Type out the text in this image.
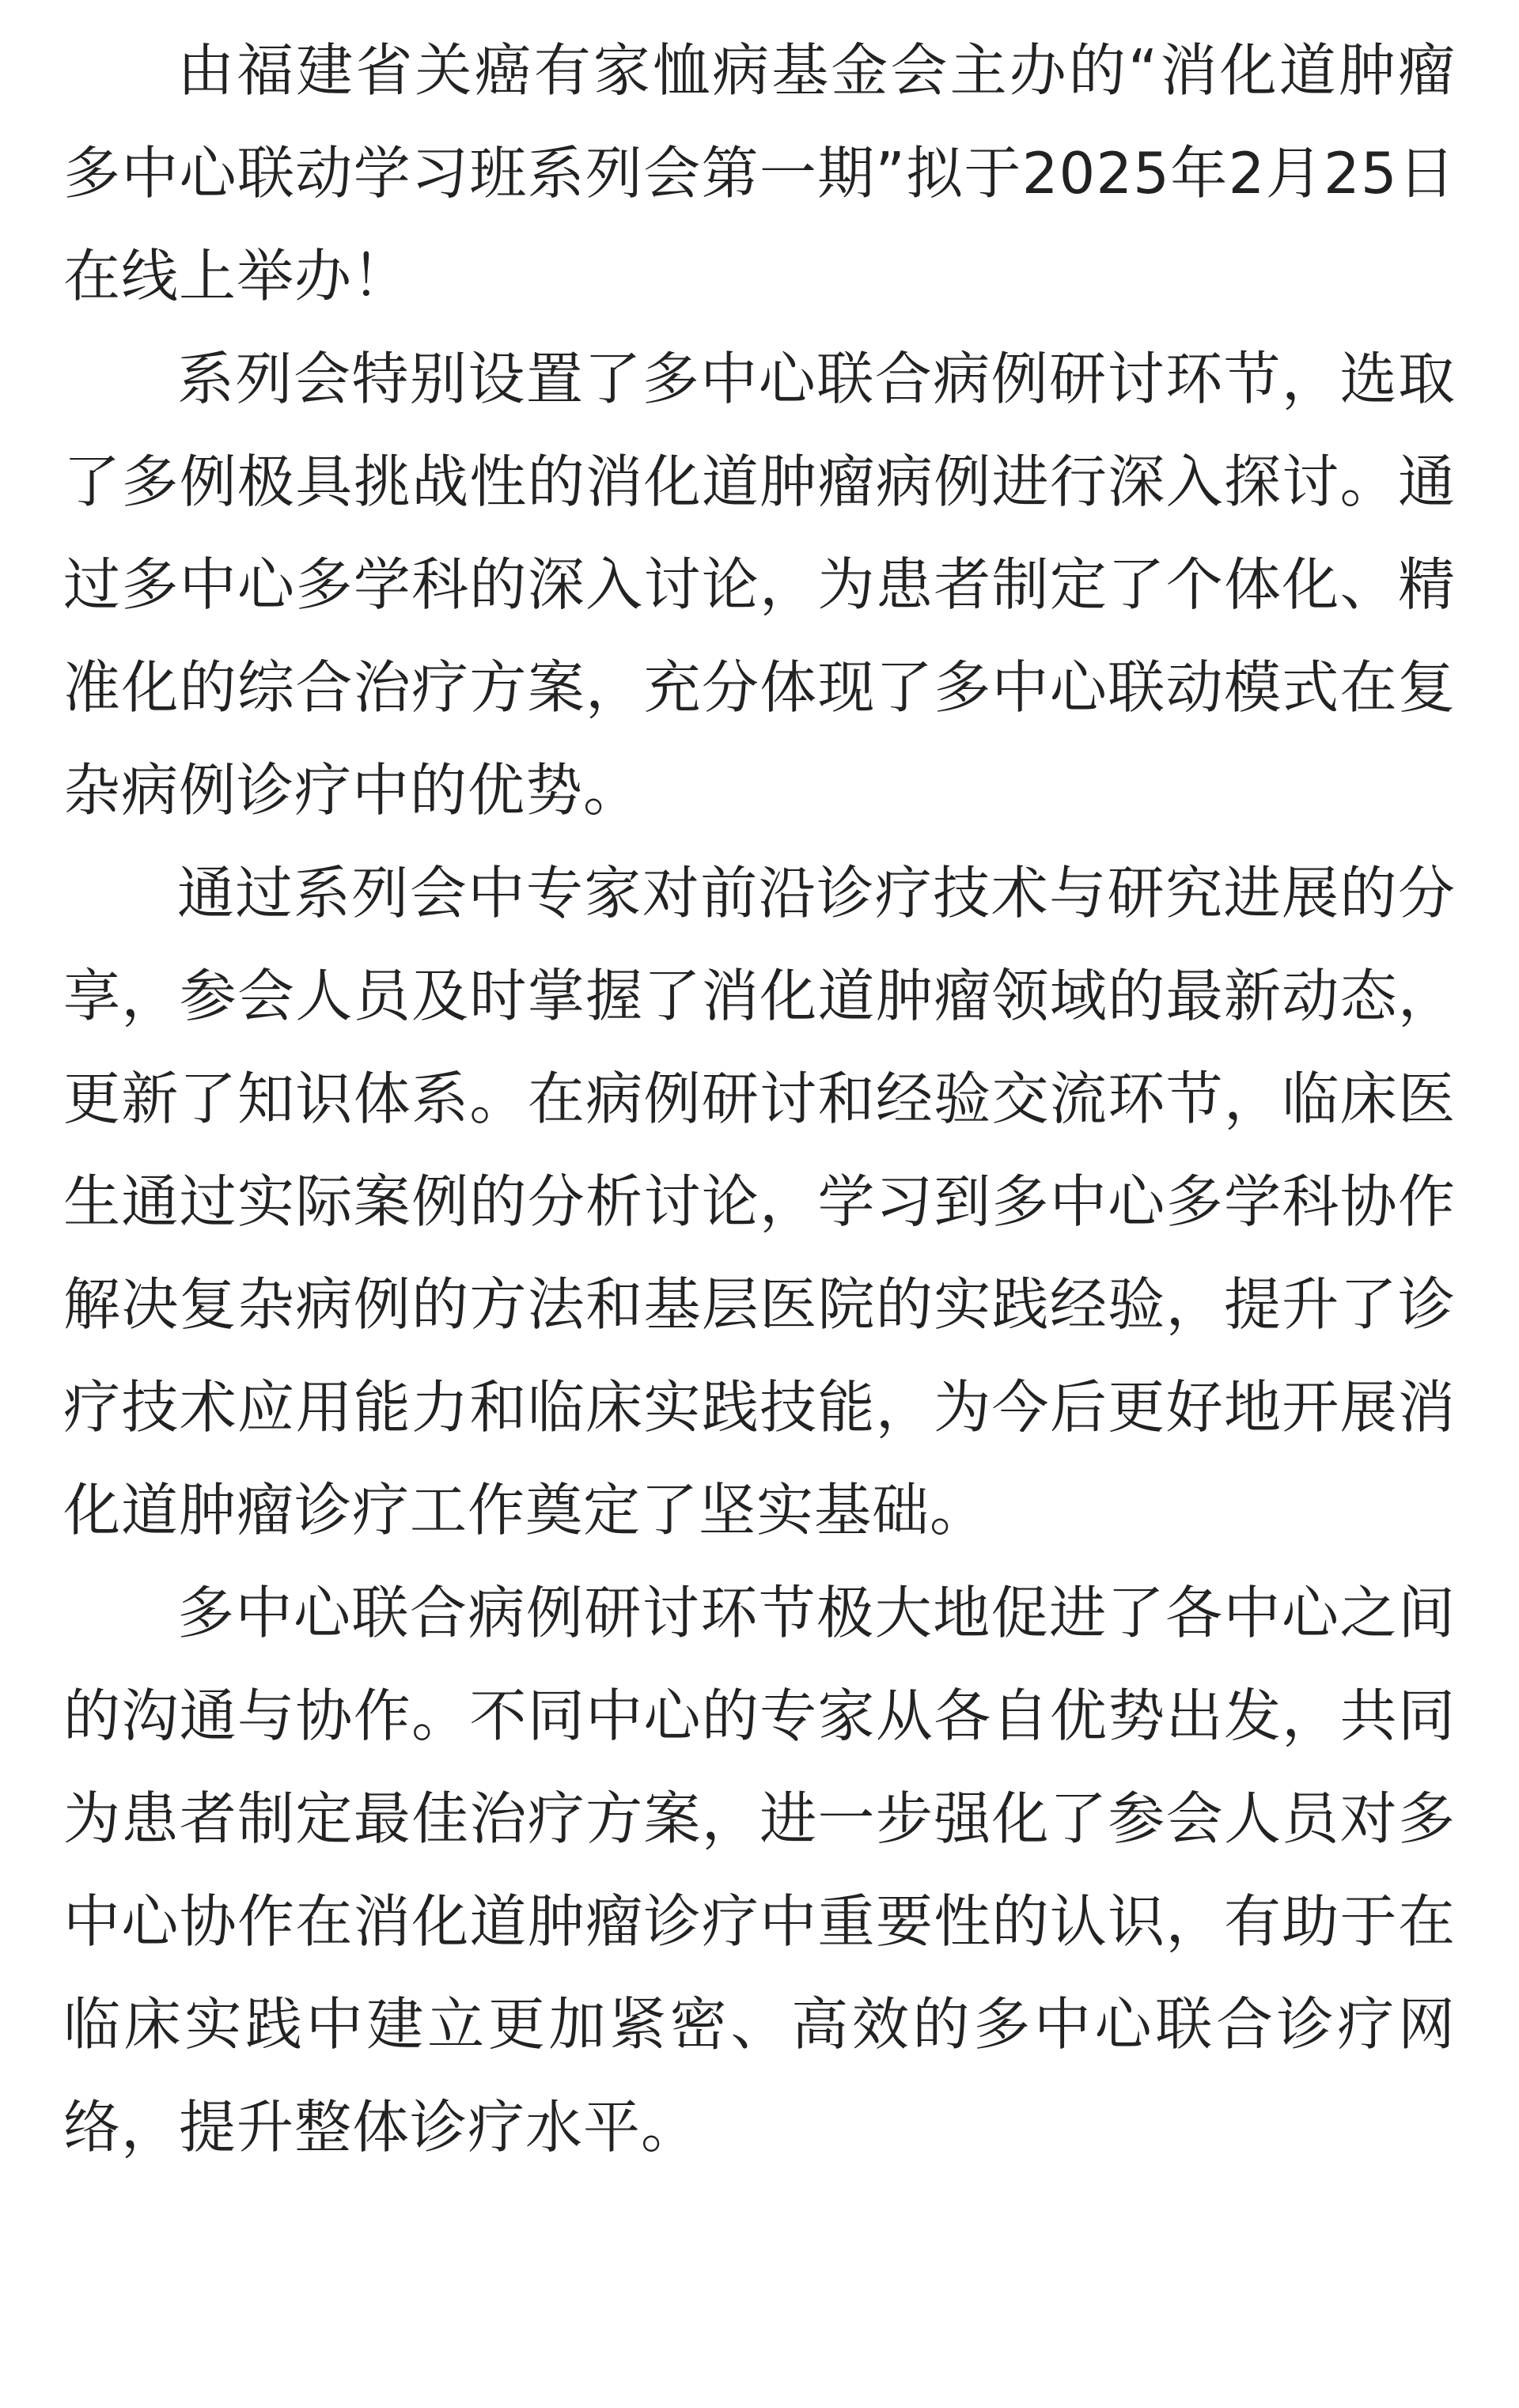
由福建省关癌有家恤病基金会主办的“消化道肿瘤多中心联动学习班系列会第一期”拟于2025年2月25日在线上举办！

系列会特别设置了多中心联合病例研讨环节，选取了多例极具挑战性的消化道肿瘤病例进行深入探讨。通过多中心多学科的深入讨论，为患者制定了个体化、精准化的综合治疗方案，充分体现了多中心联动模式在复杂病例诊疗中的优势。

通过系列会中专家对前沿诊疗技术与研究进展的分享，参会人员及时掌握了消化道肿瘤领域的最新动态，更新了知识体系。在病例研讨和经验交流环节，临床医生通过实际案例的分析讨论，学习到多中心多学科协作解决复杂病例的方法和基层医院的实践经验，提升了诊疗技术应用能力和临床实践技能，为今后更好地开展消化道肿瘤诊疗工作奠定了坚实基础。

多中心联合病例研讨环节极大地促进了各中心之间的沟通与协作。不同中心的专家从各自优势出发，共同为患者制定最佳治疗方案，进一步强化了参会人员对多中心协作在消化道肿瘤诊疗中重要性的认识，有助于在临床实践中建立更加紧密、高效的多中心联合诊疗网络，提升整体诊疗水平。
